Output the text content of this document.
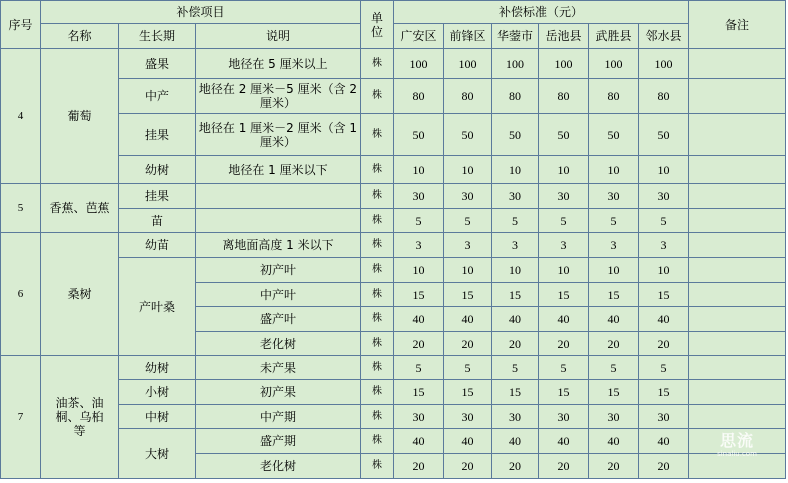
序号	补偿项目			单位	补偿标准（元）						备注
	名称	生长期	说明		广安区	前锋区	华蓥市	岳池县	武胜县	邻水县	
4	葡萄	盛果	地径在 5 厘米以上	株	100	100	100	100	100	100	
		中产	地径在 2 厘米－5 厘米（含 2 厘米）	株	80	80	80	80	80	80	
		挂果	地径在 1 厘米－2 厘米（含 1 厘米）	株	50	50	50	50	50	50	
		幼树	地径在 1 厘米以下	株	10	10	10	10	10	10	
5	香蕉、芭蕉	挂果		株	30	30	30	30	30	30	
		苗		株	5	5	5	5	5	5	
6	桑树	幼苗	离地面高度 1 米以下	株	3	3	3	3	3	3	
		产叶桑	初产叶	株	10	10	10	10	10	10	
			中产叶	株	15	15	15	15	15	15	
			盛产叶	株	40	40	40	40	40	40	
			老化树	株	20	20	20	20	20	20	
7	油茶、油桐、乌桕等	幼树	未产果	株	5	5	5	5	5	5	
		小树	初产果	株	15	15	15	15	15	15	
		中树	中产期	株	30	30	30	30	30	30	
		大树	盛产期	株	40	40	40	40	40	40	
			老化树	株	20	20	20	20	20	20	
思流
sinaliu.com
